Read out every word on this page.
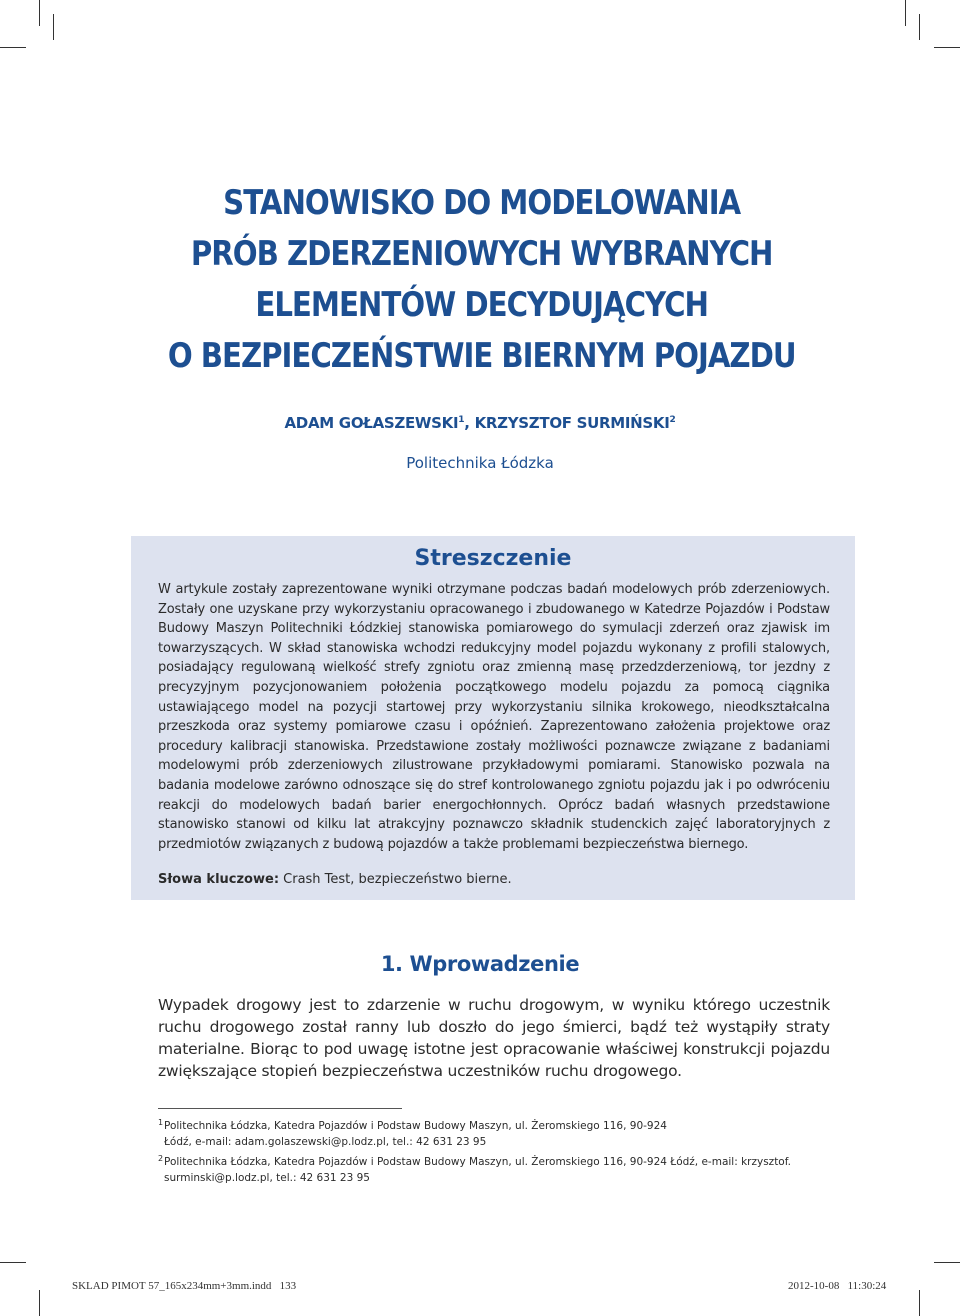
STANOWISKO DO MODELOWANIA
PRÓB ZDERZENIOWYCH WYBRANYCH
ELEMENTÓW DECYDUJĄCYCH
O BEZPIECZEŃSTWIE BIERNYM POJAZDU
ADAM GOŁASZEWSKI$^1$, KRZYSZTOF SURMIŃSKI$^2$
Politechnika Łódzka
Streszczenie
W artykule zostały zaprezentowane wyniki otrzymane podczas badań modelowych prób zderzeniowych. Zostały one uzyskane przy wykorzystaniu opracowanego i zbudowanego w Katedrze Pojazdów i Podstaw Budowy Maszyn Politechniki Łódzkiej stanowiska pomiarowego do symulacji zderzeń oraz zjawisk im towarzyszących. W skład stanowiska wchodzi redukcyjny model pojazdu wykonany z profili stalowych, posiadający regulowaną wielkość strefy zgniotu oraz zmienną masę przedzderzeniową, tor jezdny z precyzyjnym pozycjonowaniem położenia początkowego modelu pojazdu za pomocą ciągnika ustawiającego model na pozycji startowej przy wykorzystaniu silnika krokowego, nieodkształcalna przeszkoda oraz systemy pomiarowe czasu i opóźnień. Zaprezentowano założenia projektowe oraz procedury kalibracji stanowiska. Przedstawione zostały możliwości poznawcze związane z badaniami modelowymi prób zderzeniowych zilustrowane przykładowymi pomiarami. Stanowisko pozwala na badania modelowe zarówno odnoszące się do stref kontrolowanego zgniotu pojazdu jak i po odwróceniu reakcji do modelowych badań barier energochłonnych. Oprócz badań własnych przedstawione stanowisko stanowi od kilku lat atrakcyjny poznawczo składnik studenckich zajęć laboratoryjnych z przedmiotów związanych z budową pojazdów a także problemami bezpieczeństwa biernego.
Słowa kluczowe: Crash Test, bezpieczeństwo bierne.
1. Wprowadzenie
Wypadek drogowy jest to zdarzenie w ruchu drogowym, w wyniku którego uczestnik ruchu drogowego został ranny lub doszło do jego śmierci, bądź też wystąpiły straty materialne. Biorąc to pod uwagę istotne jest opracowanie właściwej konstrukcji pojazdu zwiększające stopień bezpieczeństwa uczestników ruchu drogowego.
1 Politechnika Łódzka, Katedra Pojazdów i Podstaw Budowy Maszyn, ul. Żeromskiego 116, 90-924
Łódź, e-mail: adam.golaszewski@p.lodz.pl, tel.: 42 631 23 95
2 Politechnika Łódzka, Katedra Pojazdów i Podstaw Budowy Maszyn, ul. Żeromskiego 116, 90-924 Łódź, e-mail: krzysztof.
surminski@p.lodz.pl, tel.: 42 631 23 95
SKLAD PIMOT 57_165x234mm+3mm.indd   133	2012-10-08   11:30:24
